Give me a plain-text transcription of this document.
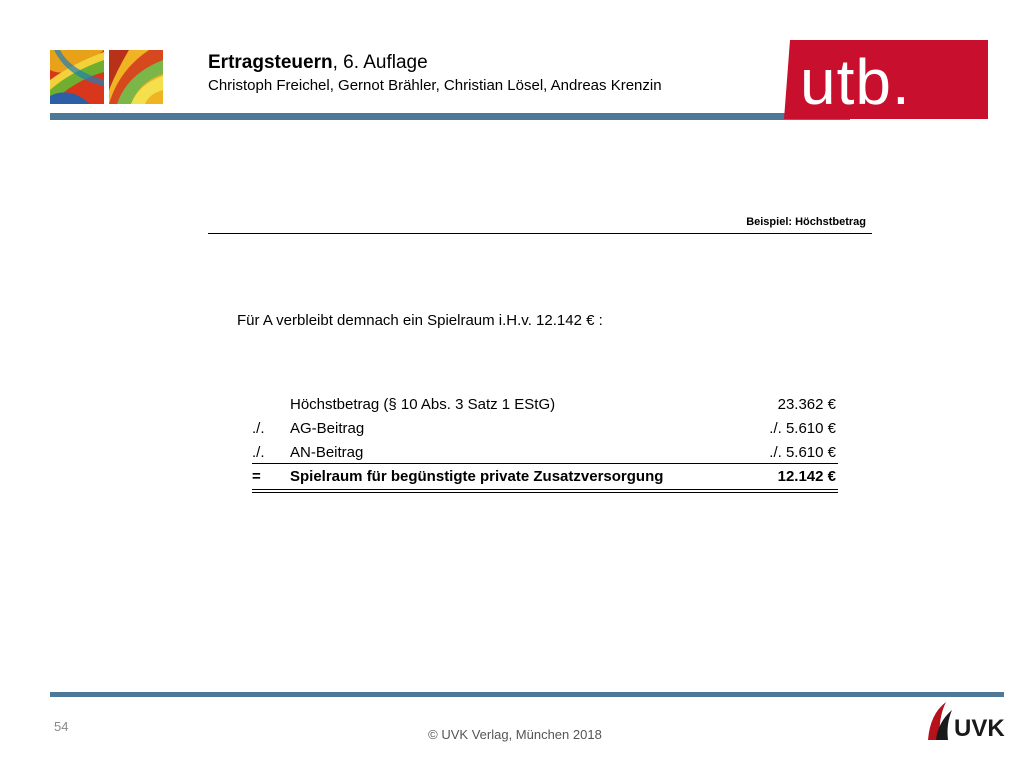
Ertragsteuern, 6. Auflage
Christoph Freichel, Gernot Brähler, Christian Lösel, Andreas Krenzin utb.
Beispiel: Höchstbetrag
Für A verbleibt demnach ein Spielraum i.H.v. 12.142 € :
Höchstbetrag (§ 10 Abs. 3 Satz 1 EStG)	23.362 €
./.	AG-Beitrag	./. 5.610 €
./.	AN-Beitrag	./. 5.610 €
=	Spielraum für begünstigte private Zusatzversorgung	12.142 €
54
© UVK Verlag, München 2018	UVK
